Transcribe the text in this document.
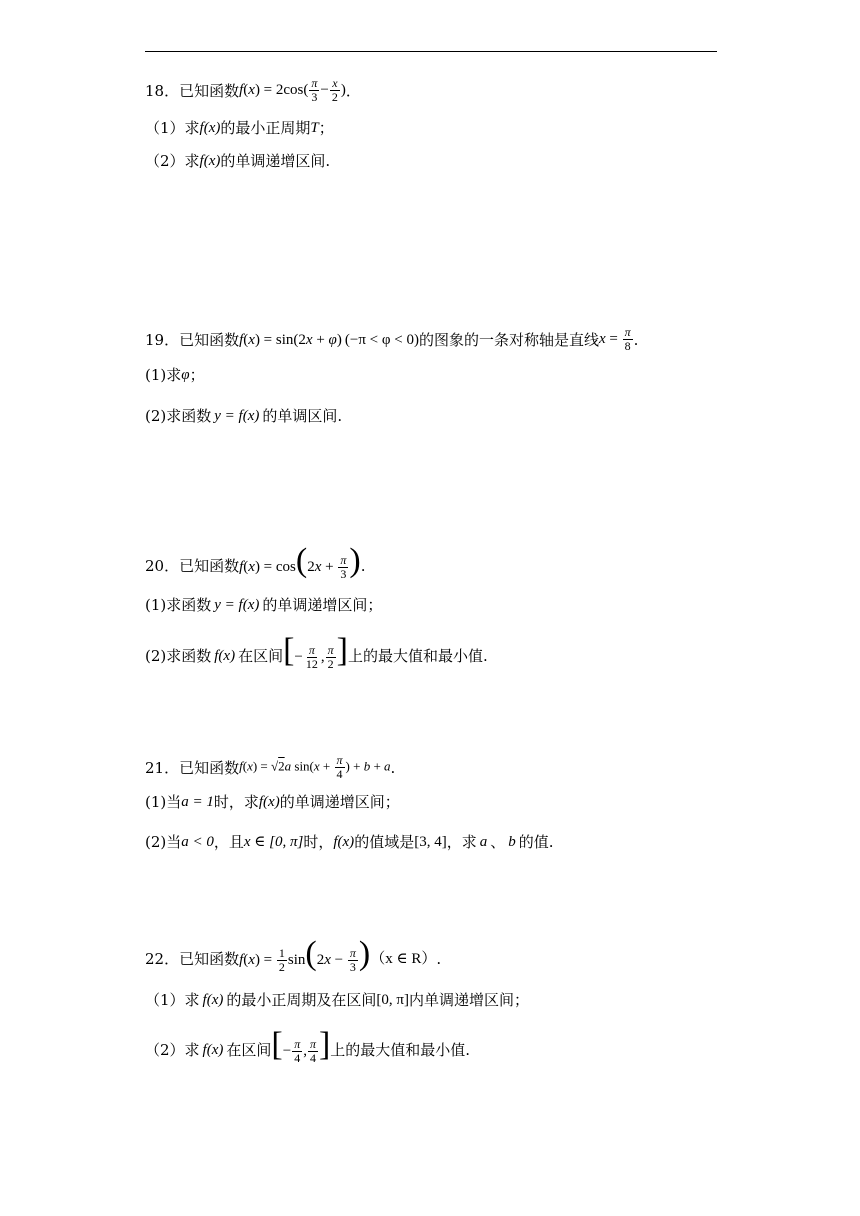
18．已知函数 $f(x) = 2\cos( \frac{\pi}{3} - \frac{x}{2}$ ) ．
（1）求 f(x) 的最小正周期 T ；
（2）求 f(x) 的单调递增区间.
19．已知函数 f(x) = sin(2x + φ) (−π < φ < 0) 的图象的一条对称轴是直线 $x = \frac{\pi}{8}$ .
(1)求 φ ；
(2)求函数 y = f(x) 的单调区间.
20．已知函数 $f(x) = \cos(2x + \frac{\pi}{3}$ ) .
(1)求函数 y = f(x) 的单调递增区间；
(2)求函数 f(x) 在区间 [− $\frac{\pi}{12}$ , $\frac{\pi}{2}$ ] 上的最大值和最小值.
21．已知函数 f(x) = √2a $\sin(x + \frac{\pi}{4}$ ) + b + a .
(1)当 a = 1 时，求 f(x) 的单调递增区间；
(2)当 a < 0 ，且 x ∈ [0, π] 时， f(x) 的值域是 [3, 4] ，求 a 、 b 的值.
22．已知函数 $f(x) = \frac{1}{2} \sin(2x - \frac{\pi}{3}$ ) （x ∈ R） .
（1）求 f(x) 的最小正周期及在区间 [0, π] 内单调递增区间；
（2）求 f(x) 在区间 [− $\frac{\pi}{4}$ , $\frac{\pi}{4}$ ] 上的最大值和最小值.
